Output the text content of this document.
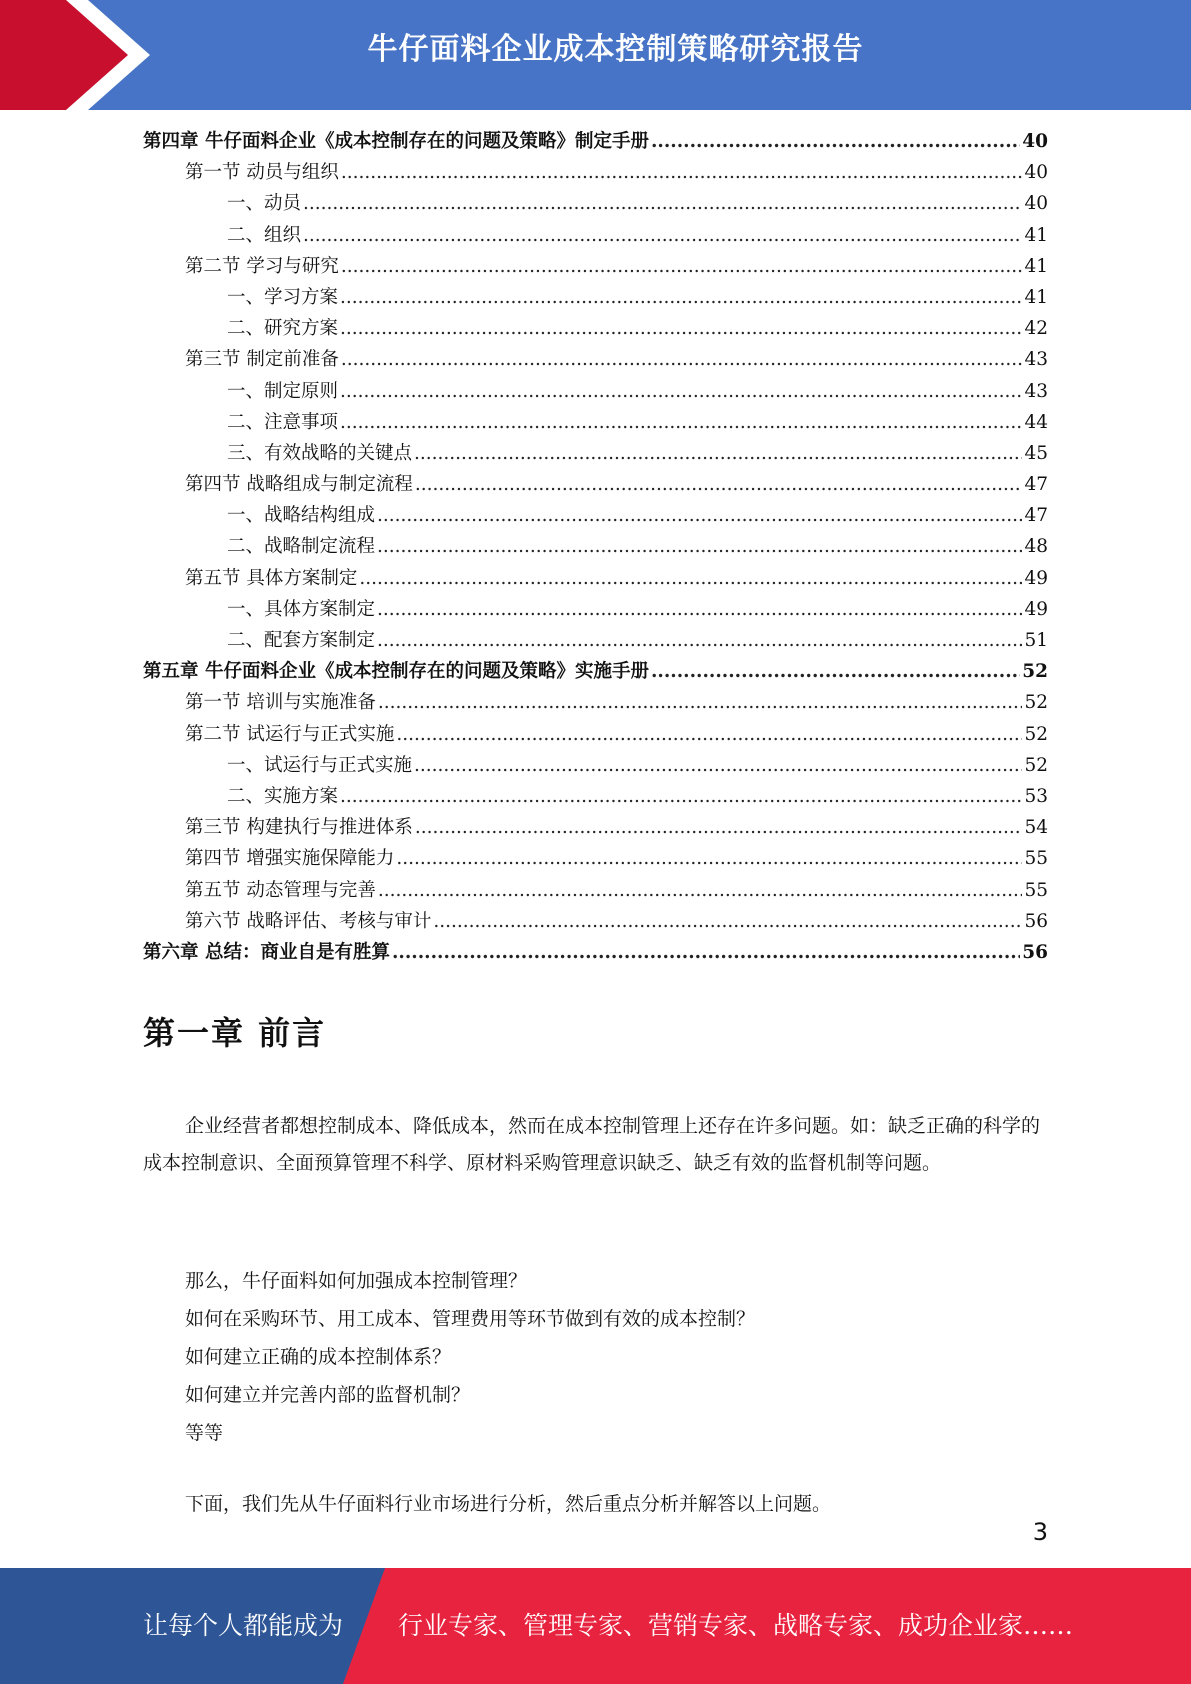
牛仔面料企业成本控制策略研究报告
第四章 牛仔面料企业《成本控制存在的问题及策略》制定手册 .....	40
第一节 动员与组织 .....	40
一、动员 .....	40
二、组织 .....	41
第二节 学习与研究 .....	41
一、学习方案 .....	41
二、研究方案 .....	42
第三节 制定前准备 .....	43
一、制定原则 .....	43
二、注意事项 .....	44
三、有效战略的关键点 .....	45
第四节 战略组成与制定流程 .....	47
一、战略结构组成 .....	47
二、战略制定流程 .....	48
第五节 具体方案制定 .....	49
一、具体方案制定 .....	49
二、配套方案制定 .....	51
第五章 牛仔面料企业《成本控制存在的问题及策略》实施手册 .....	52
第一节 培训与实施准备 .....	52
第二节 试运行与正式实施 .....	52
一、试运行与正式实施 .....	52
二、实施方案 .....	53
第三节 构建执行与推进体系 .....	54
第四节 增强实施保障能力 .....	55
第五节 动态管理与完善 .....	55
第六节 战略评估、考核与审计 .....	56
第六章 总结：商业自是有胜算 .....	56
第一章 前言

企业经营者都想控制成本、降低成本，然而在成本控制管理上还存在许多问题。如：缺乏正确的科学的成本控制意识、全面预算管理不科学、原材料采购管理意识缺乏、缺乏有效的监督机制等问题。

那么，牛仔面料如何加强成本控制管理？
如何在采购环节、用工成本、管理费用等环节做到有效的成本控制？
如何建立正确的成本控制体系？
如何建立并完善内部的监督机制？
等等

下面，我们先从牛仔面料行业市场进行分析，然后重点分析并解答以上问题。

3
让每个人都能成为 行业专家、管理专家、营销专家、战略专家、成功企业家……
